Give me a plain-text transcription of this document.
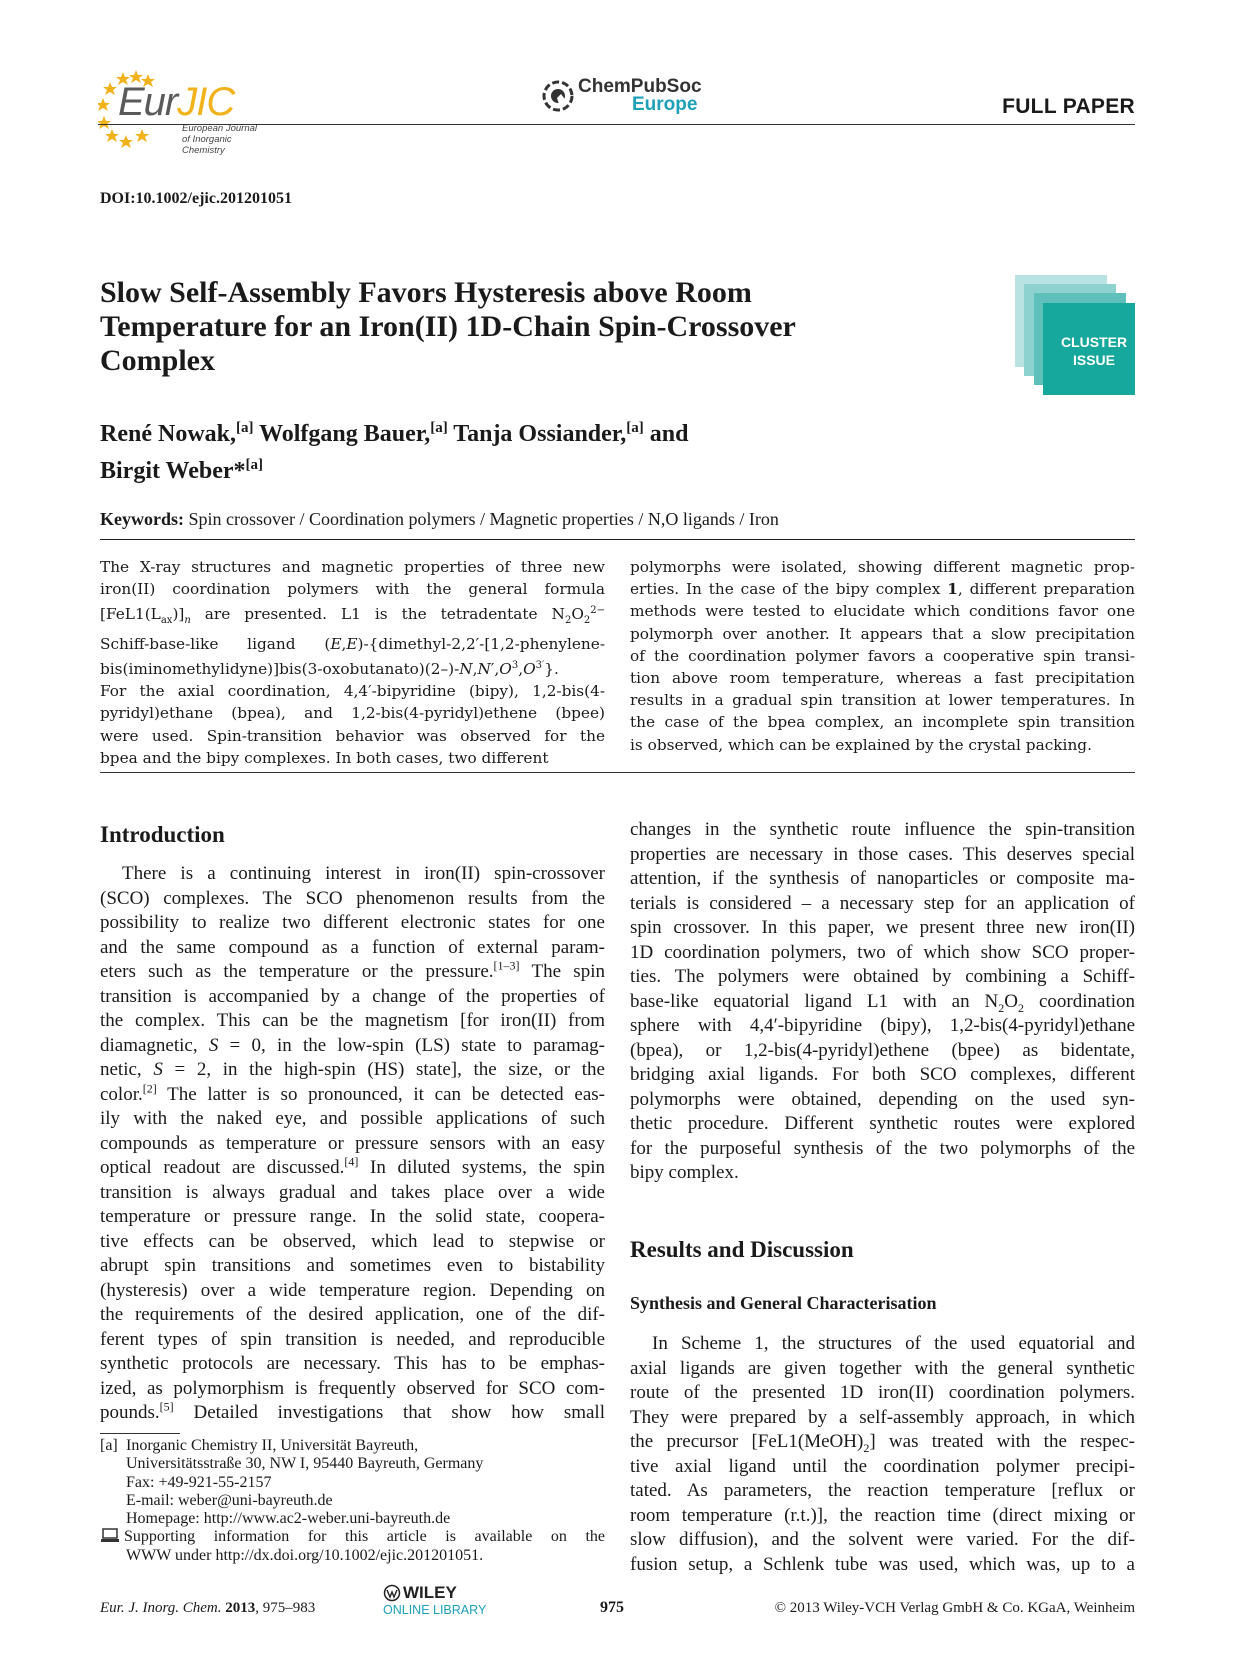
EurJIC
European Journal
of Inorganic Chemistry
ChemPubSoc
Europe	FULL PAPER
DOI:10.1002/ejic.201201051
Slow Self-Assembly Favors Hysteresis above Room
Temperature for an Iron(II) 1D-Chain Spin-Crossover
Complex
CLUSTER
ISSUE
René Nowak,[a] Wolfgang Bauer,[a] Tanja Ossiander,[a] and
Birgit Weber*[a]
Keywords: Spin crossover / Coordination polymers / Magnetic properties / N,O ligands / Iron
The X-ray structures and magnetic properties of three new
iron(II) coordination polymers with the general formula
$[FeL1(L_{ax})]_n$ are presented. L1 is the tetradentate $N_2O_2^{2-}$
Schiff-base-like ligand (E,E)-{dimethyl-2,2′-[1,2-phenylene-
$bis(iminomethylidyne)]bis(3-oxobutanato)(2-)-N,N',O^3,O^{3'}$}.
For the axial coordination, 4,4′-bipyridine (bipy), 1,2-bis(4-
pyridyl)ethane (bpea), and 1,2-bis(4-pyridyl)ethene (bpee)
were used. Spin-transition behavior was observed for the
bpea and the bipy complexes. In both cases, two different
polymorphs were isolated, showing different magnetic prop-
erties. In the case of the bipy complex 1, different preparation
methods were tested to elucidate which conditions favor one
polymorph over another. It appears that a slow precipitation
of the coordination polymer favors a cooperative spin transi-
tion above room temperature, whereas a fast precipitation
results in a gradual spin transition at lower temperatures. In
the case of the bpea complex, an incomplete spin transition
is observed, which can be explained by the crystal packing.
Introduction
There is a continuing interest in iron(II) spin-crossover
(SCO) complexes. The SCO phenomenon results from the
possibility to realize two different electronic states for one
and the same compound as a function of external param-
eters such as the temperature or the pressure.[1–3] The spin
transition is accompanied by a change of the properties of
the complex. This can be the magnetism [for iron(II) from
diamagnetic, S = 0, in the low-spin (LS) state to paramag-
netic, S = 2, in the high-spin (HS) state], the size, or the
color.[2] The latter is so pronounced, it can be detected eas-
ily with the naked eye, and possible applications of such
compounds as temperature or pressure sensors with an easy
optical readout are discussed.[4] In diluted systems, the spin
transition is always gradual and takes place over a wide
temperature or pressure range. In the solid state, coopera-
tive effects can be observed, which lead to stepwise or
abrupt spin transitions and sometimes even to bistability
(hysteresis) over a wide temperature region. Depending on
the requirements of the desired application, one of the dif-
ferent types of spin transition is needed, and reproducible
synthetic protocols are necessary. This has to be emphas-
ized, as polymorphism is frequently observed for SCO com-
pounds.[5] Detailed investigations that show how small
[a] Inorganic Chemistry II, Universität Bayreuth,
Universitätsstraße 30, NW I, 95440 Bayreuth, Germany
Fax: +49-921-55-2157
E-mail: weber@uni-bayreuth.de
Homepage: http://www.ac2-weber.uni-bayreuth.de
Supporting information for this article is available on the
WWW under http://dx.doi.org/10.1002/ejic.201201051.
changes in the synthetic route influence the spin-transition
properties are necessary in those cases. This deserves special
attention, if the synthesis of nanoparticles or composite ma-
terials is considered – a necessary step for an application of
spin crossover. In this paper, we present three new iron(II)
1D coordination polymers, two of which show SCO proper-
ties. The polymers were obtained by combining a Schiff-
base-like equatorial ligand L1 with an $N_2O_2$ coordination
sphere with 4,4′-bipyridine (bipy), 1,2-bis(4-pyridyl)ethane
(bpea), or 1,2-bis(4-pyridyl)ethene (bpee) as bidentate,
bridging axial ligands. For both SCO complexes, different
polymorphs were obtained, depending on the used syn-
thetic procedure. Different synthetic routes were explored
for the purposeful synthesis of the two polymorphs of the
bipy complex.
Results and Discussion
Synthesis and General Characterisation
In Scheme 1, the structures of the used equatorial and
axial ligands are given together with the general synthetic
route of the presented 1D iron(II) coordination polymers.
They were prepared by a self-assembly approach, in which
the precursor $[FeL1(MeOH)_2]$ was treated with the respec-
tive axial ligand until the coordination polymer precipi-
tated. As parameters, the reaction temperature [reflux or
room temperature (r.t.)], the reaction time (direct mixing or
slow diffusion), and the solvent were varied. For the dif-
fusion setup, a Schlenk tube was used, which was, up to a
Eur. J. Inorg. Chem. 2013, 975–983
WILEY
ONLINE LIBRARY	975	© 2013 Wiley-VCH Verlag GmbH & Co. KGaA, Weinheim
